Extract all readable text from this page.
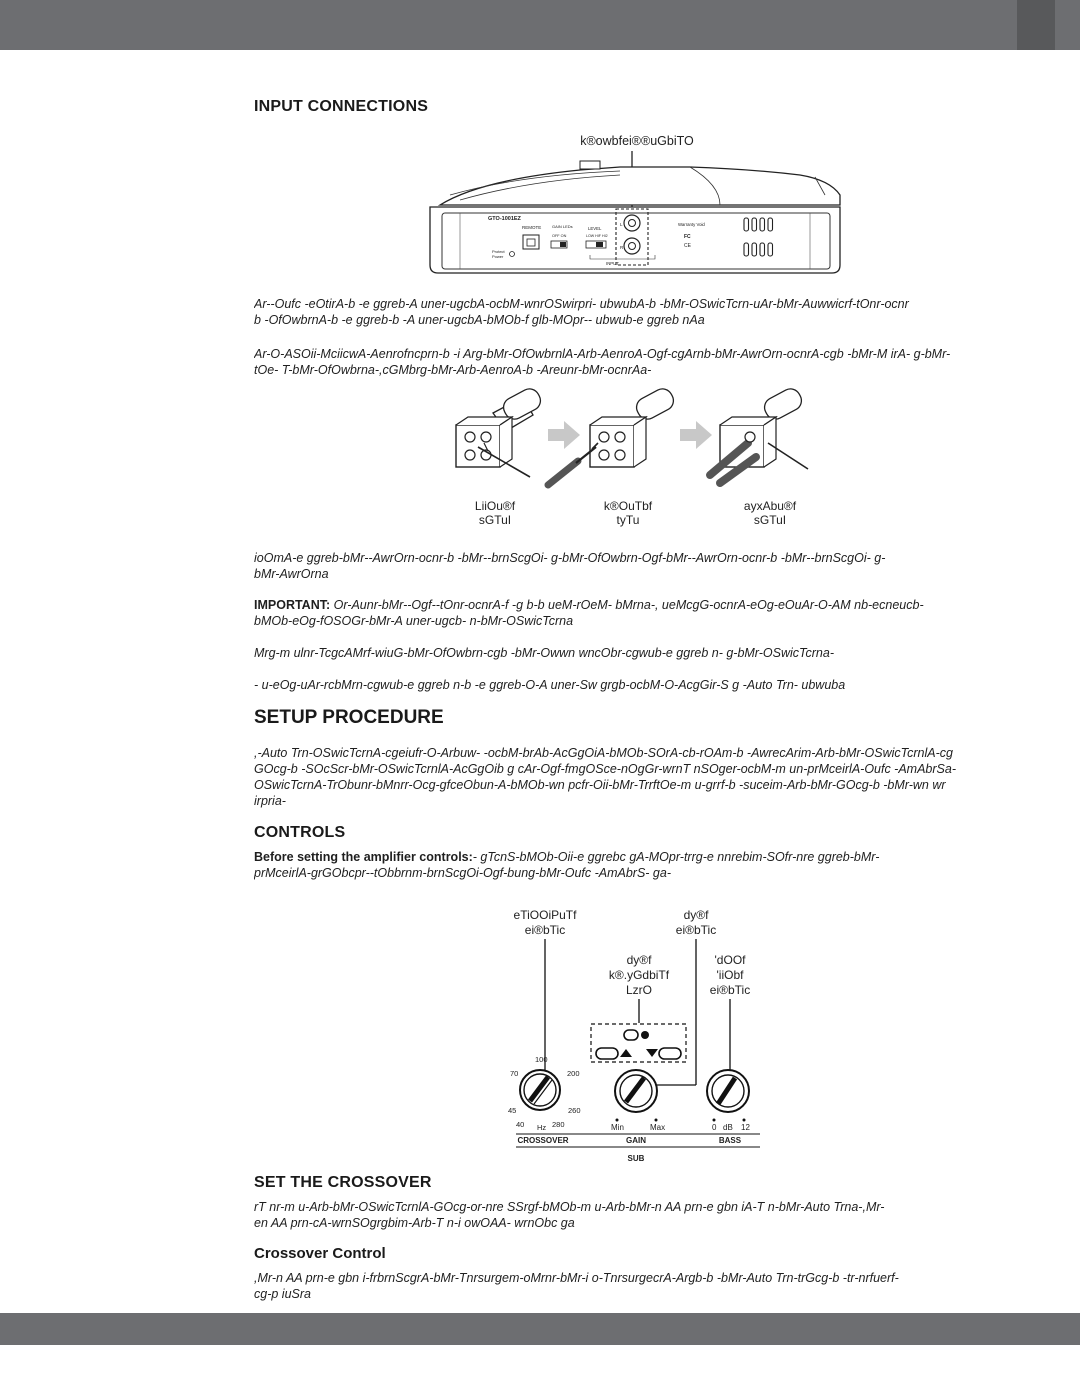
INPUT CONNECTIONS
k®owbfei®®uGbiTO
GTO-1001EZ
REMOTE	GAIN LEDs
OFF ON
LEVEL
LOW HIF HI2
Protect
Power
L
R
INPUT
Warranty Void
FC
CE

Ar--Oufc -eOtirA-b -e ggreb-A uner-ugcbA-ocbM-wnrOSwirpri- ubwubA-b -bMr-OSwicTcrn-uAr-bMr-Auwwicrf-tOnr-ocnr
b -OfOwbrnA-b -e ggreb-b -A uner-ugcbA-bMOb-f glb-MOpr-- ubwub-e ggreb nAa

Ar-O-ASOii-MciicwA-Aenrofncprn-b -i Arg-bMr-OfOwbrnlA-Arb-AenroA-Ogf-cgArnb-bMr-AwrOrn-ocnrA-cgb -bMr-M irA- g-bMr-
tOe- T-bMr-OfOwbrna-,cGMbrg-bMr-Arb-AenroA-b -Areunr-bMr-ocnrAa-

LiiOu®f
sGTuI
k®OuTbf
tyTu
ayxAbu®f
sGTuI

ioOmA-e ggreb-bMr--AwrOrn-ocnr-b -bMr--brnScgOi- g-bMr-OfOwbrn-Ogf-bMr--AwrOrn-ocnr-b -bMr--brnScgOi- g-
bMr-AwrOrna

IMPORTANT: Or-Aunr-bMr--Ogf--tOnr-ocnrA-f -g b-b ueM-rOeM- bMrna-, ueMcgG-ocnrA-eOg-eOuAr-O-AM nb-ecneucb-
bMOb-eOg-fOSOGr-bMr-A uner-ugcb- n-bMr-OSwicTcrna

Mrg-m ulnr-TcgcAMrf-wiuG-bMr-OfOwbrn-cgb -bMr-Owwn wncObr-cgwub-e ggreb n- g-bMr-OSwicTcrna-

- u-eOg-uAr-rcbMrn-cgwub-e ggreb n-b -e ggreb-O-A uner-Sw grgb-ocbM-O-AcgGir-S g -Auto Trn- ubwuba

SETUP PROCEDURE

,-Auto Trn-OSwicTcrnA-cgeiufr-O-Arbuw- -ocbM-brAb-AcGgOiA-bMOb-SOrA-cb-rOAm-b -AwrecArim-Arb-bMr-OSwicTcrnlA-cg
GOcg-b -SOcScr-bMr-OSwicTcrnlA-AcGgOib g cAr-Ogf-fmgOSce-nOgGr-wrnT nSOger-ocbM-m un-prMceirlA-Oufc -AmAbrSa-
OSwicTcrnA-TrObunr-bMnrr-Ocg-gfceObun-A-bMOb-wn pcfr-Oii-bMr-TrrftOe-m u-grrf-b -suceim-Arb-bMr-GOcg-b -bMr-wn wr
irpria-

CONTROLS

Before setting the amplifier controls:- gTcnS-bMOb-Oii-e ggrebc gA-MOpr-trrg-e nnrebim-SOfr-nre ggreb-bMr-
prMceirlA-grGObcpr--tObbrnm-brnScgOi-Ogf-bung-bMr-Oufc -AmAbrS- ga-

eTiOOiPuTf
ei®bTic
dy®f
ei®bTic
dy®f
k®.yGdbiTf
LzrO
'dOOf
'iiObf
ei®bTic
100
70	200
45	260
40 Hz 280	Min	Max	0 dB 12
CROSSOVER	GAIN	BASS
SUB
SET THE CROSSOVER

rT nr-m u-Arb-bMr-OSwicTcrnlA-GOcg-or-nre SSrgf-bMOb-m u-Arb-bMr-n AA prn-e gbn iA-T n-bMr-Auto Trna-,Mr-
en AA prn-cA-wrnSOgrgbim-Arb-T n-i owOAA- wrnObc ga

Crossover Control

,Mr-n AA prn-e gbn i-frbrnScgrA-bMr-Tnrsurgem-oMrnr-bMr-i o-TnrsurgecrA-Argb-b -bMr-Auto Trn-trGcg-b -tr-nrfuerf-
cg-p iuSra
